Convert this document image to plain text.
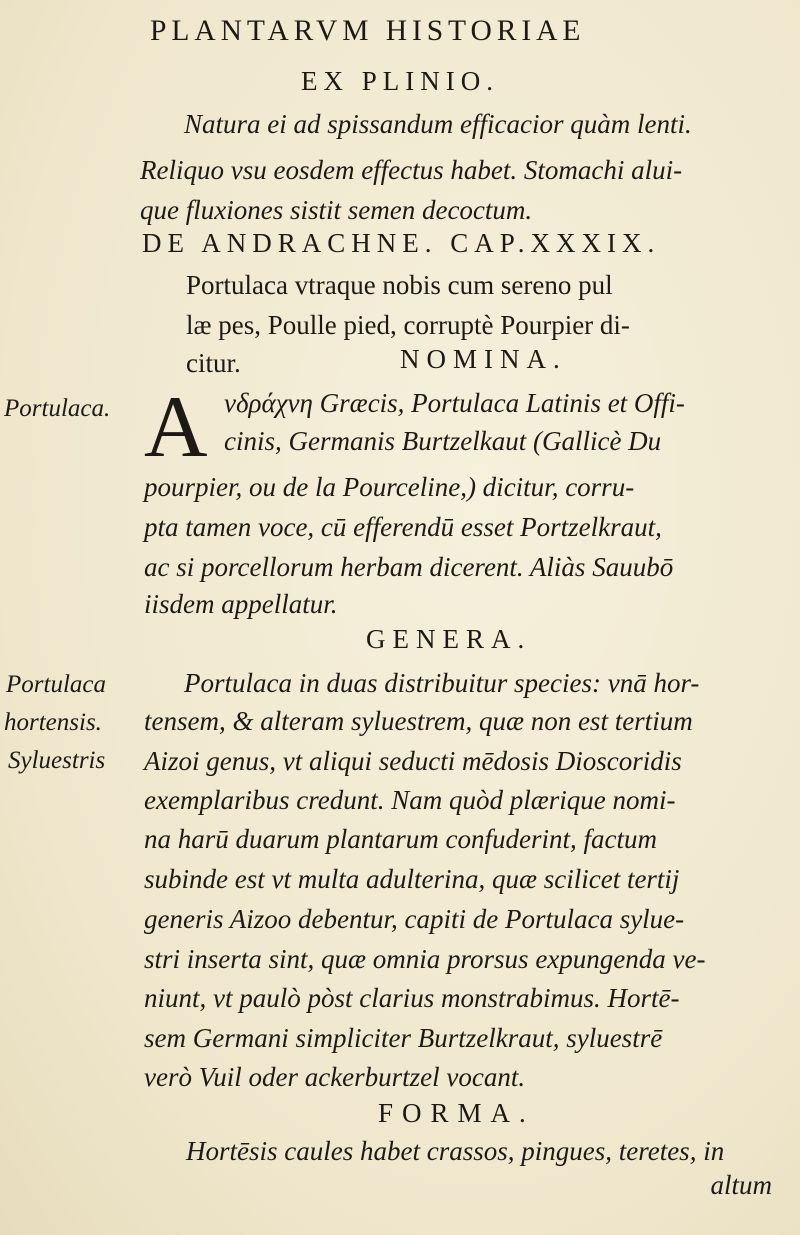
PLANTARVM HISTORIAE
EX PLINIO.
Natura ei ad spissandum efficacior quàm lenti.
Reliquo vsu eosdem effectus habet. Stomachi alui-
que fluxiones sistit semen decoctum.
DE ANDRACHNE. CAP.XXXIX.
Portulaca vtraque nobis cum sereno pul
læ pes, Poulle pied, corruptè Pourpier di-
citur.	NOMINA.
Portulaca. A νδράχνη Græcis, Portulaca Latinis et Offi-
cinis, Germanis Burtzelkaut (Gallicè Du
pourpier, ou de la Pourceline,) dicitur, corru-
pta tamen voce, cū efferendū esset Portzelkraut,
ac si porcellorum herbam dicerent. Aliàs Sauubō
iisdem appellatur.
GENERA.
Portulaca
hortensis.
Syluestris
Portulaca in duas distribuitur species: vnā hor-
tensem, & alteram syluestrem, quæ non est tertium
Aizoi genus, vt aliqui seducti mēdosis Dioscoridis
exemplaribus credunt. Nam quòd plærique nomi-
na harū duarum plantarum confuderint, factum
subinde est vt multa adulterina, quæ scilicet tertij
generis Aizoo debentur, capiti de Portulaca sylue-
stri inserta sint, quæ omnia prorsus expungenda ve-
niunt, vt paulò pòst clarius monstrabimus. Hortē-
sem Germani simpliciter Burtzelkraut, syluestrē
verò Vuil oder ackerburtzel vocant.
FORMA.
Hortēsis caules habet crassos, pingues, teretes, in
altum
